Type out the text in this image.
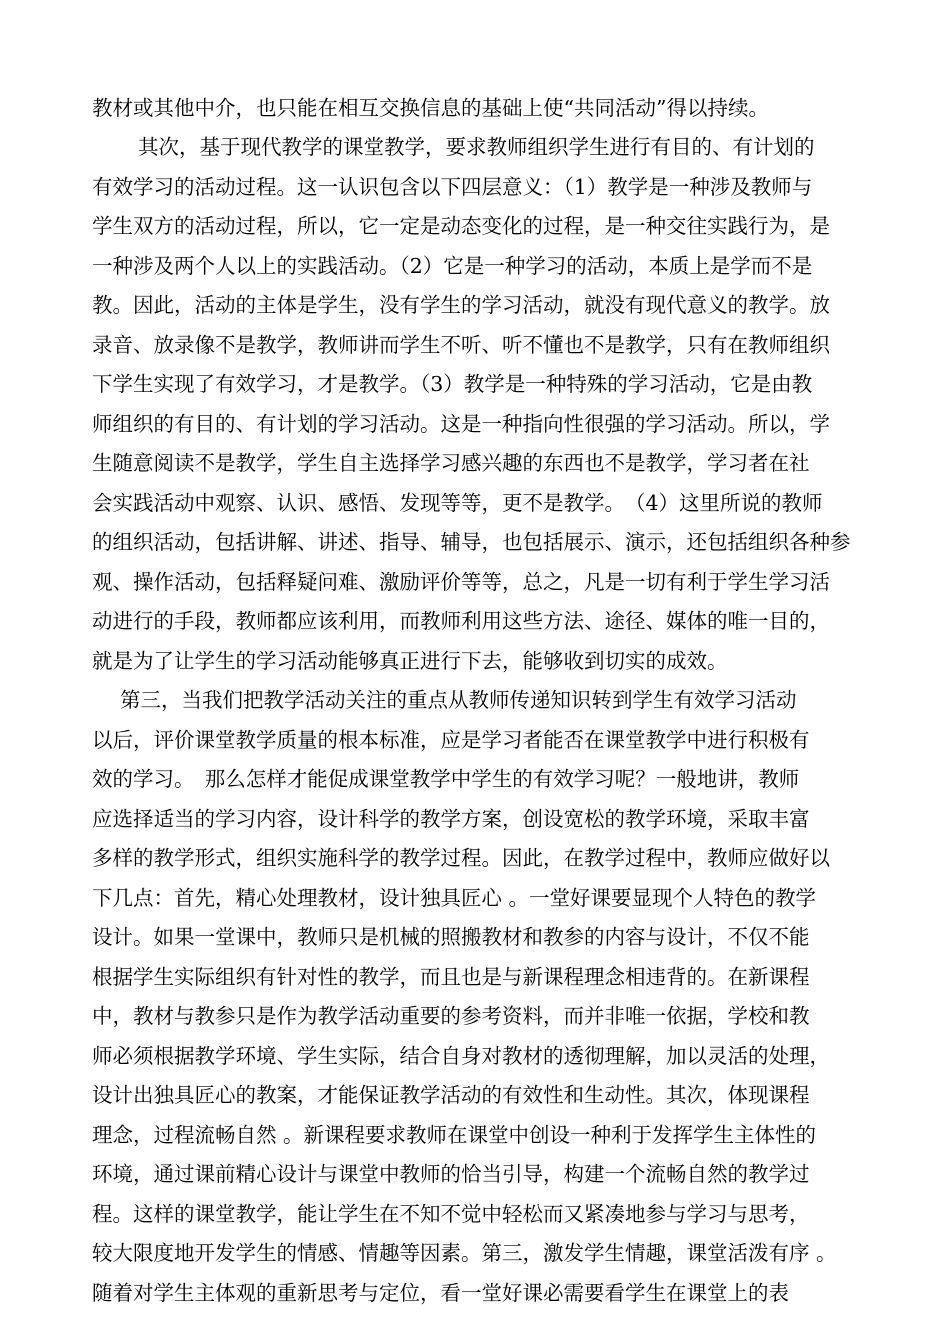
教材或其他中介，也只能在相互交换信息的基础上使“共同活动”得以持续。
其次，基于现代教学的课堂教学，要求教师组织学生进行有目的、有计划的
有效学习的活动过程。这一认识包含以下四层意义：（1）教学是一种涉及教师与
学生双方的活动过程，所以，它一定是动态变化的过程，是一种交往实践行为，是
一种涉及两个人以上的实践活动。（2）它是一种学习的活动，本质上是学而不是
教。因此，活动的主体是学生，没有学生的学习活动，就没有现代意义的教学。放
录音、放录像不是教学，教师讲而学生不听、听不懂也不是教学，只有在教师组织
下学生实现了有效学习，才是教学。（3）教学是一种特殊的学习活动，它是由教
师组织的有目的、有计划的学习活动。这是一种指向性很强的学习活动。所以，学
生随意阅读不是教学，学生自主选择学习感兴趣的东西也不是教学，学习者在社
会实践活动中观察、认识、感悟、发现等等，更不是教学。　（4）这里所说的教师
的组织活动，包括讲解、讲述、指导、辅导，也包括展示、演示，还包括组织各种参
观、操作活动，包括释疑问难、激励评价等等，总之，凡是一切有利于学生学习活
动进行的手段，教师都应该利用，而教师利用这些方法、途径、媒体的唯一目的，
就是为了让学生的学习活动能够真正进行下去，能够收到切实的成效。
第三，当我们把教学活动关注的重点从教师传递知识转到学生有效学习活动
以后，评价课堂教学质量的根本标准，应是学习者能否在课堂教学中进行积极有
效的学习。　那么怎样才能促成课堂教学中学生的有效学习呢？一般地讲，教师
应选择适当的学习内容，设计科学的教学方案，创设宽松的教学环境，采取丰富
多样的教学形式，组织实施科学的教学过程。因此，在教学过程中，教师应做好以
下几点：首先，精心处理教材，设计独具匠心 。一堂好课要显现个人特色的教学
设计。如果一堂课中，教师只是机械的照搬教材和教参的内容与设计，不仅不能
根据学生实际组织有针对性的教学，而且也是与新课程理念相违背的。在新课程
中，教材与教参只是作为教学活动重要的参考资料，而并非唯一依据，学校和教
师必须根据教学环境、学生实际，结合自身对教材的透彻理解，加以灵活的处理，
设计出独具匠心的教案，才能保证教学活动的有效性和生动性。其次，体现课程
理念，过程流畅自然 。新课程要求教师在课堂中创设一种利于发挥学生主体性的
环境，通过课前精心设计与课堂中教师的恰当引导，构建一个流畅自然的教学过
程。这样的课堂教学，能让学生在不知不觉中轻松而又紧凑地参与学习与思考，
较大限度地开发学生的情感、情趣等因素。第三，激发学生情趣，课堂活泼有序 。
随着对学生主体观的重新思考与定位，看一堂好课必需要看学生在课堂上的表
